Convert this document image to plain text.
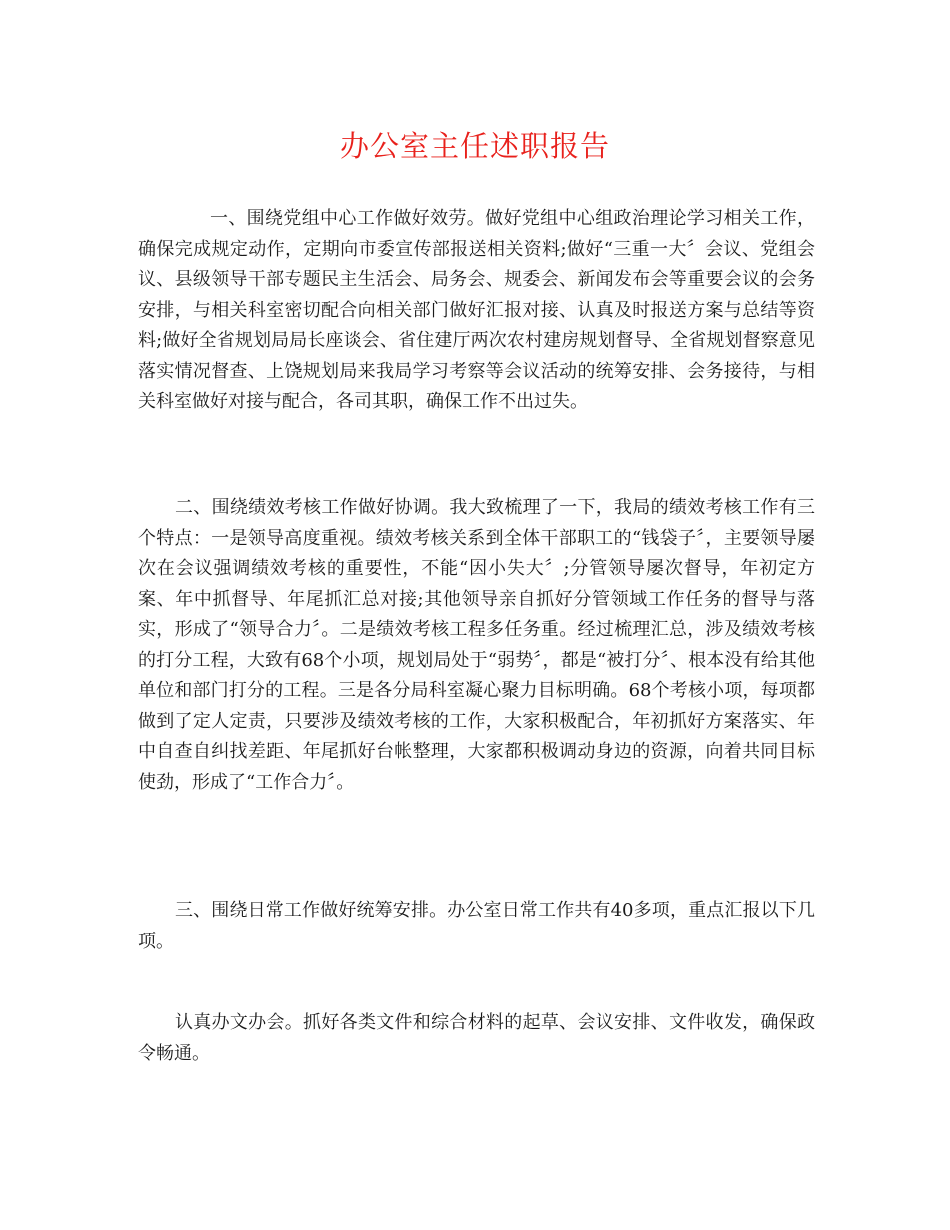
办公室主任述职报告

一、围绕党组中心工作做好效劳。做好党组中心组政治理论学习相关工作，确保完成规定动作，定期向市委宣传部报送相关资料;做好“三重一大〞会议、党组会议、县级领导干部专题民主生活会、局务会、规委会、新闻发布会等重要会议的会务安排，与相关科室密切配合向相关部门做好汇报对接、认真及时报送方案与总结等资料;做好全省规划局局长座谈会、省住建厅两次农村建房规划督导、全省规划督察意见落实情况督查、上饶规划局来我局学习考察等会议活动的统筹安排、会务接待，与相关科室做好对接与配合，各司其职，确保工作不出过失。

二、围绕绩效考核工作做好协调。我大致梳理了一下，我局的绩效考核工作有三个特点：一是领导高度重视。绩效考核关系到全体干部职工的“钱袋子〞，主要领导屡次在会议强调绩效考核的重要性，不能“因小失大〞;分管领导屡次督导，年初定方案、年中抓督导、年尾抓汇总对接;其他领导亲自抓好分管领域工作任务的督导与落实，形成了“领导合力〞。二是绩效考核工程多任务重。经过梳理汇总，涉及绩效考核的打分工程，大致有68个小项，规划局处于“弱势〞，都是“被打分〞、根本没有给其他单位和部门打分的工程。三是各分局科室凝心聚力目标明确。68个考核小项，每项都做到了定人定责，只要涉及绩效考核的工作，大家积极配合，年初抓好方案落实、年中自查自纠找差距、年尾抓好台帐整理，大家都积极调动身边的资源，向着共同目标使劲，形成了“工作合力〞。

三、围绕日常工作做好统筹安排。办公室日常工作共有40多项，重点汇报以下几项。

认真办文办会。抓好各类文件和综合材料的起草、会议安排、文件收发，确保政令畅通。
